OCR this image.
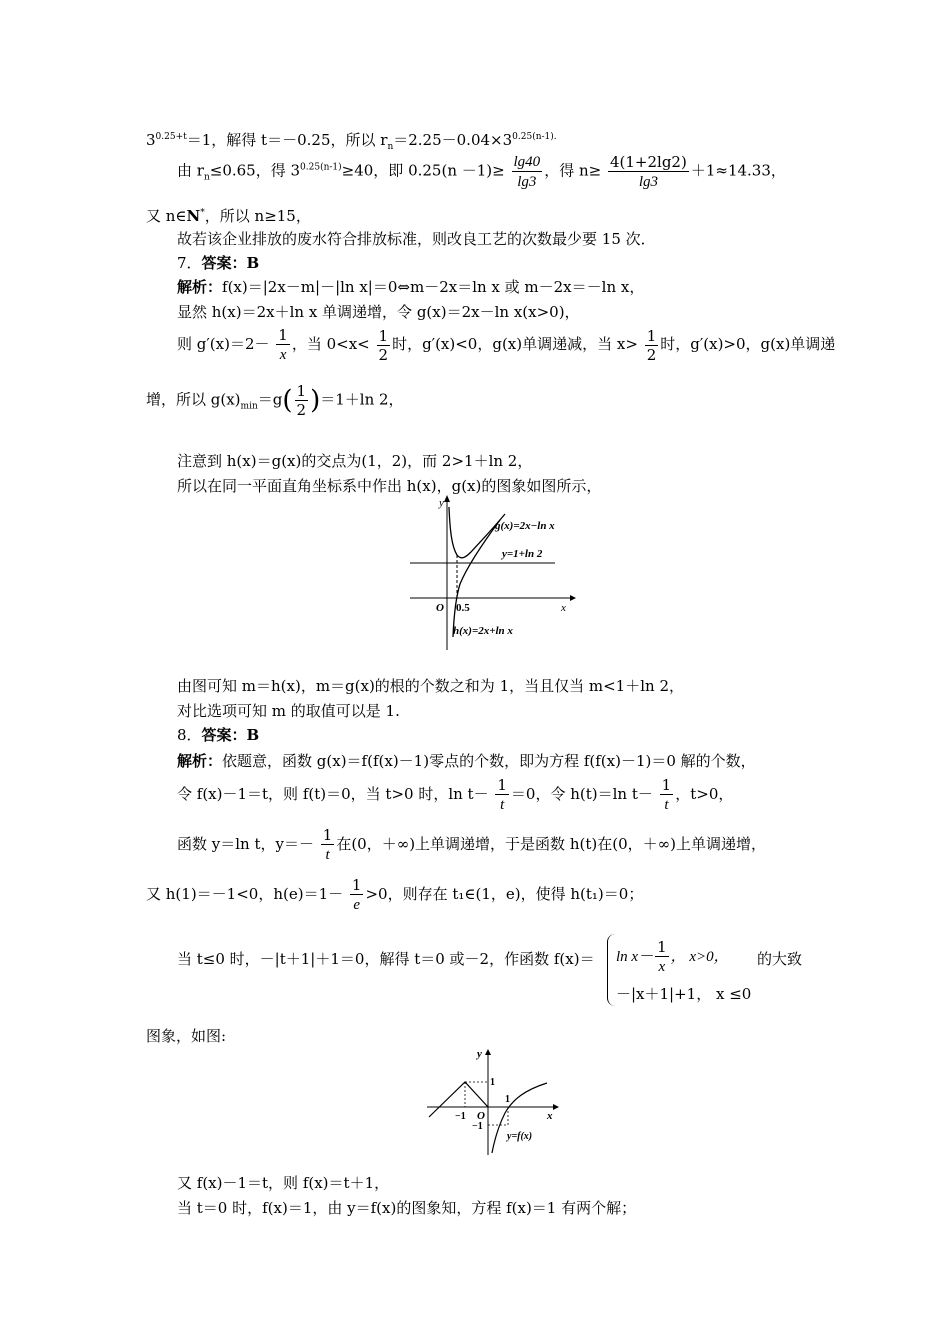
$3^{0.25+t}=1$，解得 t＝－0.25，所以 $r_n=2.25-0.04\times 3^{0.25(n-1).}$
由 $r_n\le 0.65$，得 $3^{0.25(n-1)}\ge 40$，即 $0.25(n -1)\ge \frac{\lg 40}{\lg 3}$ ，得 $n\ge \frac{4(1+2\lg 2)}{\lg 3} +1\approx 14.33$，
又 n∈N*，所以 n≥15，
故若该企业排放的废水符合排放标准，则改良工艺的次数最少要 15 次．
7．答案：B
解析：f(x)＝|2x－m|－|ln x|＝0⇔m－2x＝ln x 或 m－2x＝－ln x，
显然 h(x)＝2x＋ln x 单调递增，令 g(x)＝2x－ln x(x>0)，
则 $g'(x)=2- \frac{1}{x}$ ，当 $0<x< \frac{1}{2}$ 时，g′(x)<0，g(x)单调递减，当 $x> \frac{1}{2}$ 时，g′(x)>0，g(x)单调递
增，所以 $g(x)_{min}=g( \frac{1}{2} )=1+\ln$ 2，
注意到 h(x)＝g(x)的交点为(1，2)，而 2>1＋ln 2，
所以在同一平面直角坐标系中作出 h(x)，g(x)的图象如图所示，
y
x
O 0.5
g(x)=2x−ln x
y=1+ln 2
h(x)=2x+ln x
由图可知 m＝h(x)，m＝g(x)的根的个数之和为 1，当且仅当 m<1＋ln 2，
对比选项可知 m 的取值可以是 1.
8．答案：B
解析：依题意，函数 g(x)＝f(f(x)－1)零点的个数，即为方程 f(f(x)－1)＝0 解的个数，
令 f(x)－1＝t，则 f(t)＝0，当 t>0 时，$\ln t- \frac{1}{t} =0$，令 h(t)＝ln $t- \frac{1}{t}$ ，t>0，
函数 y＝ln t，$y=- \frac{1}{t}$ 在(0，＋∞)上单调递增，于是函数 h(t)在(0，＋∞)上单调递增，
又 h(1)＝－1<0，$h(e)=1- \frac{1}{e} >0$，则存在 t₁∈(1，e)，使得 h(t₁)＝0；
当 t≤0 时，－|t＋1|＋1＝0，解得 t＝0 或－2，作函数 $f(x)= \ln x- \frac{1}{x}$ ， x>0， 的大致
－|x＋1|+1， x ≤0
图象，如图:
y
x
O
1
−1
1
−1
y=f(x)
又 f(x)－1＝t，则 f(x)＝t＋1，
当 t＝0 时，f(x)＝1，由 y＝f(x)的图象知，方程 f(x)＝1 有两个解；
